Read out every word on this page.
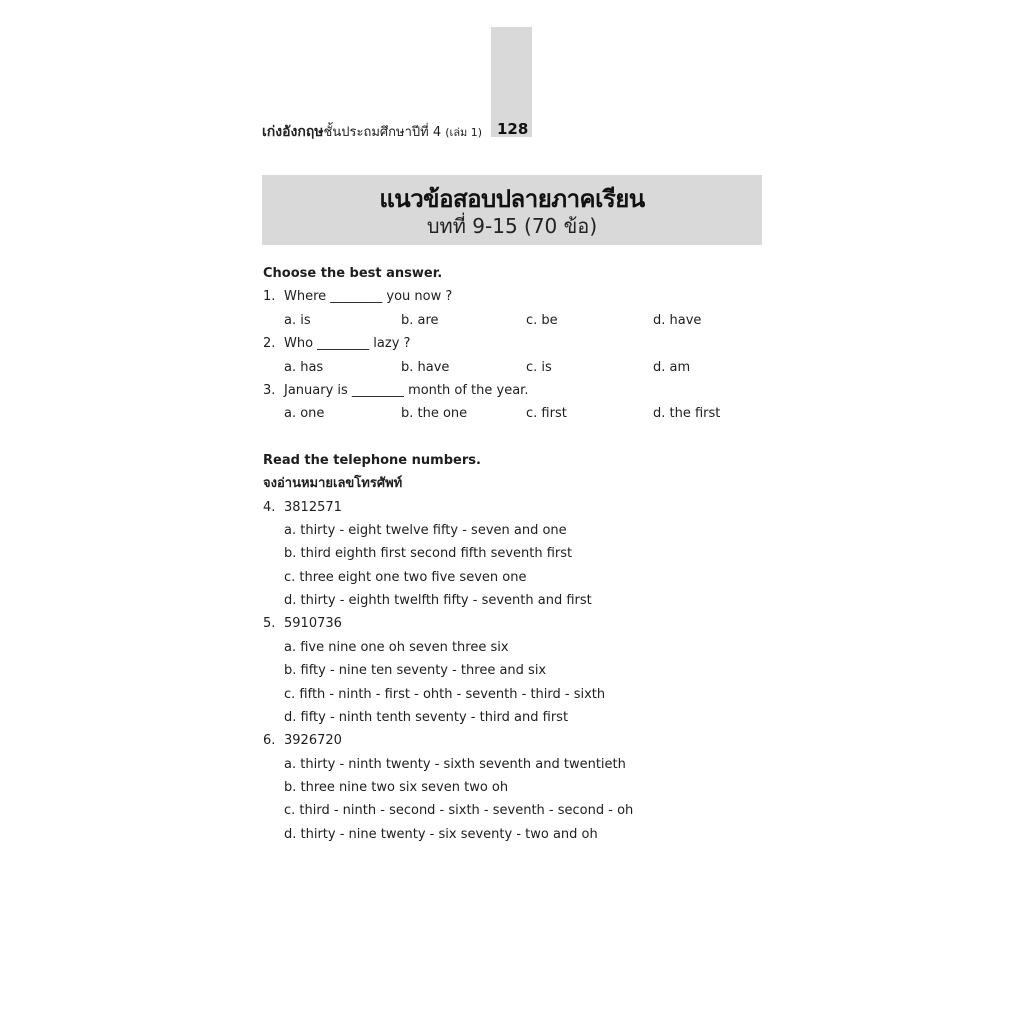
128
เก่งอังกฤษชั้นประถมศึกษาปีที่ 4 (เล่ม 1)
แนวข้อสอบปลายภาคเรียน
บทที่ 9-15 (70 ข้อ)
Choose the best answer.
1. Where ________ you now ?
a. is	b. are	c. be	d. have
2. Who ________ lazy ?
a. has	b. have	c. is	d. am
3. January is ________ month of the year.
a. one	b. the one	c. first	d. the first
Read the telephone numbers.
จงอ่านหมายเลขโทรศัพท์
4. 3812571
a. thirty - eight twelve fifty - seven and one
b. third eighth first second fifth seventh first
c. three eight one two five seven one
d. thirty - eighth twelfth fifty - seventh and first
5. 5910736
a. five nine one oh seven three six
b. fifty - nine ten seventy - three and six
c. fifth - ninth - first - ohth - seventh - third - sixth
d. fifty - ninth tenth seventy - third and first
6. 3926720
a. thirty - ninth twenty - sixth seventh and twentieth
b. three nine two six seven two oh
c. third - ninth - second - sixth - seventh - second - oh
d. thirty - nine twenty - six seventy - two and oh
